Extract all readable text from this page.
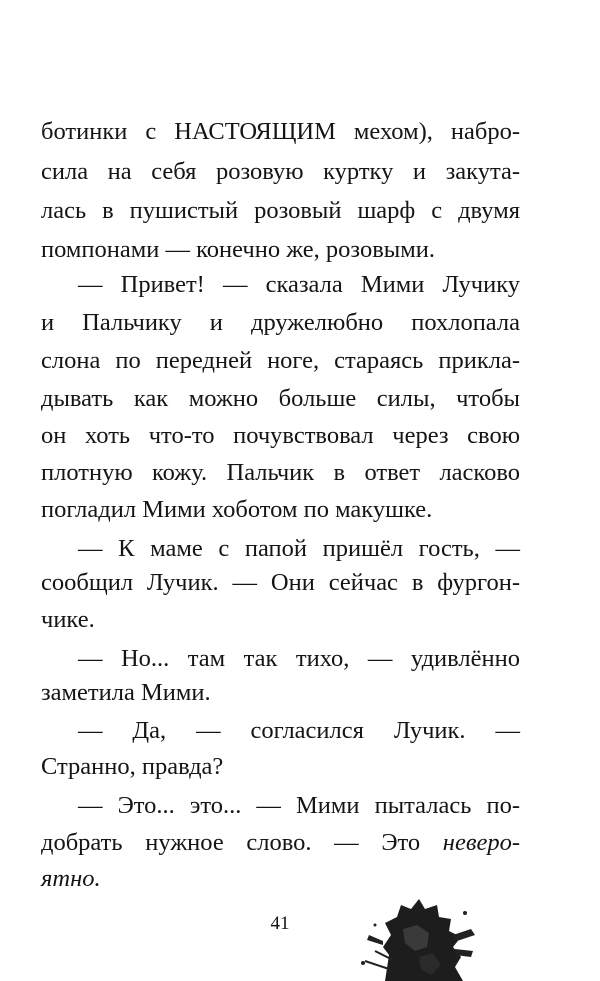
ботинки с НАСТОЯЩИМ мехом), набро-
сила на себя розовую куртку и закута-
лась в пушистый розовый шарф с двумя
помпонами — конечно же, розовыми.
— Привет! — сказала Мими Лучику
и Пальчику и дружелюбно похлопала
слона по передней ноге, стараясь прикла-
дывать как можно больше силы, чтобы
он хоть что-то почувствовал через свою
плотную кожу. Пальчик в ответ ласково
погладил Мими хоботом по макушке.
— К маме с папой пришёл гость, —
сообщил Лучик. — Они сейчас в фургон-
чике.
— Но... там так тихо, — удивлённо
заметила Мими.
— Да, — согласился Лучик. —
Странно, правда?
— Это... это... — Мими пыталась по-
добрать нужное слово. — Это неверо-
ятно.
41
